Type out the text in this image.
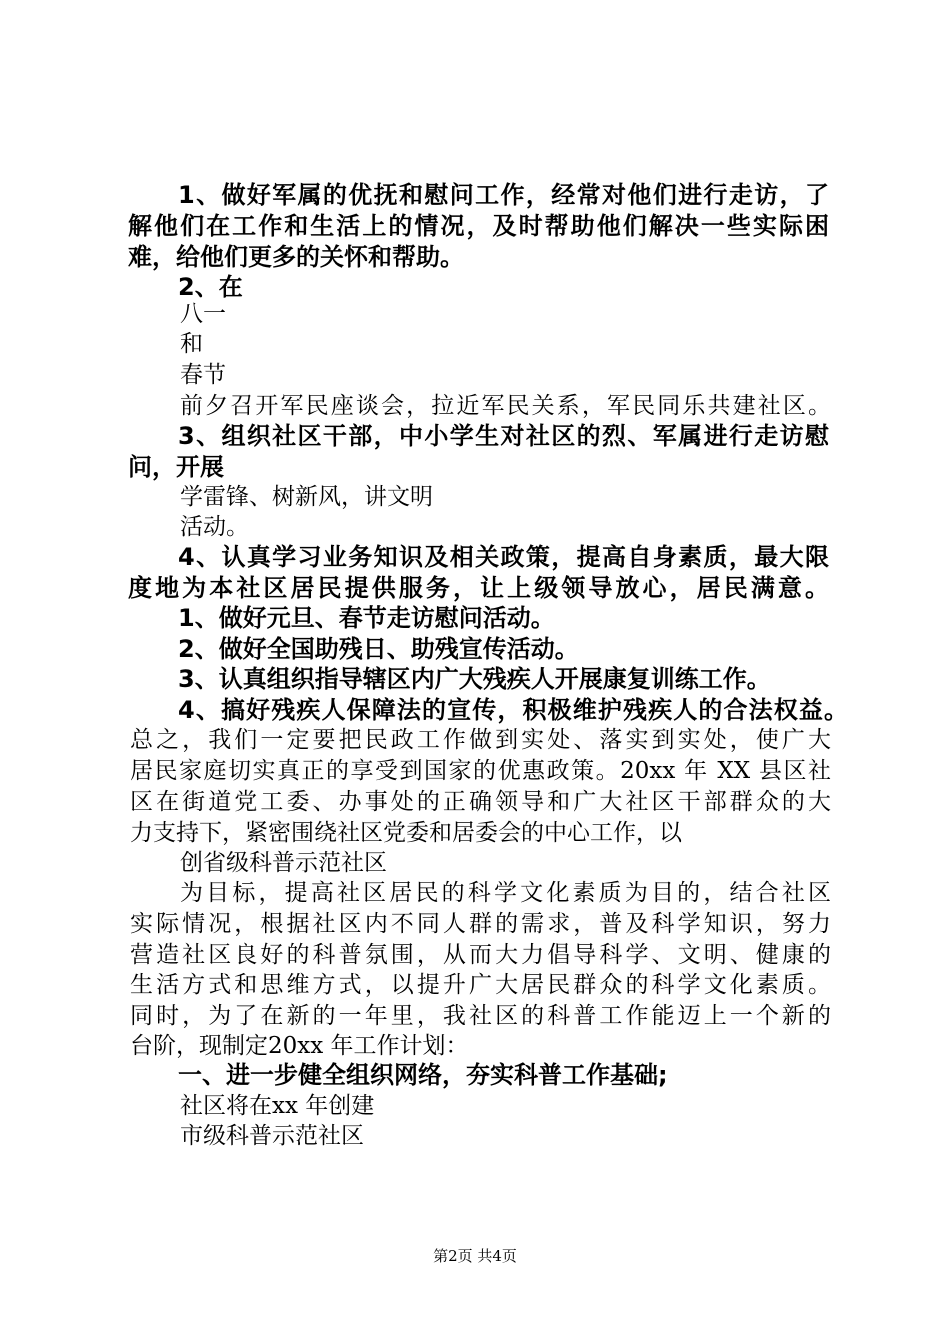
1、做好军属的优抚和慰问工作，经常对他们进行走访，了
解他们在工作和生活上的情况，及时帮助他们解决一些实际困
难，给他们更多的关怀和帮助。
2、在
八一
和
春节
前夕召开军民座谈会，拉近军民关系，军民同乐共建社区。
3、组织社区干部，中小学生对社区的烈、军属进行走访慰
问，开展
学雷锋、树新风，讲文明
活动。
4、认真学习业务知识及相关政策，提高自身素质，最大限
度地为本社区居民提供服务，让上级领导放心，居民满意。
1、做好元旦、春节走访慰问活动。
2、做好全国助残日、助残宣传活动。
3、认真组织指导辖区内广大残疾人开展康复训练工作。
4、搞好残疾人保障法的宣传，积极维护残疾人的合法权益。
总之，我们一定要把民政工作做到实处、落实到实处，使广大
居民家庭切实真正的享受到国家的优惠政策。20xx 年 XX 县区社
区在街道党工委、办事处的正确领导和广大社区干部群众的大
力支持下，紧密围绕社区党委和居委会的中心工作，以
创省级科普示范社区
为目标，提高社区居民的科学文化素质为目的，结合社区
实际情况，根据社区内不同人群的需求，普及科学知识，努力
营造社区良好的科普氛围，从而大力倡导科学、文明、健康的
生活方式和思维方式，以提升广大居民群众的科学文化素质。
同时，为了在新的一年里，我社区的科普工作能迈上一个新的
台阶，现制定20xx 年工作计划：
一、进一步健全组织网络，夯实科普工作基础;
社区将在xx 年创建
市级科普示范社区
第2页 共4页
